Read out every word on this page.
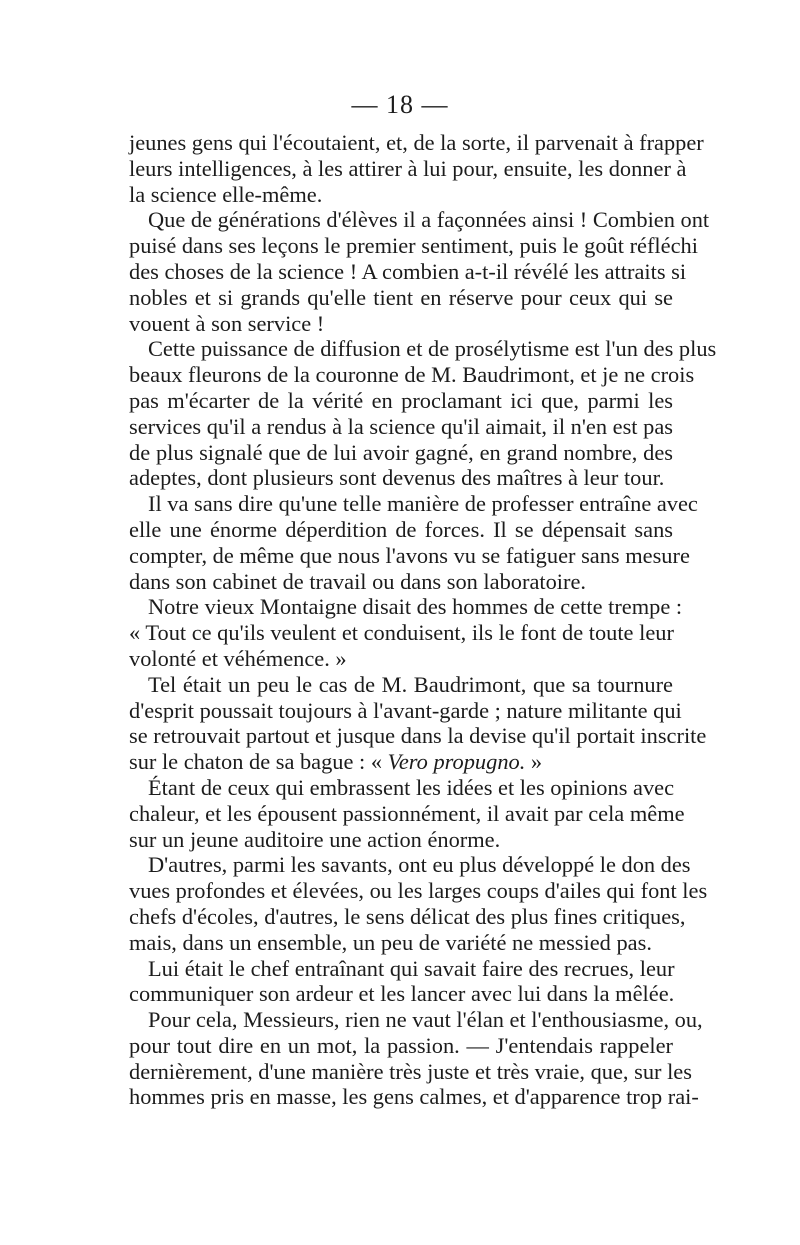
— 18 —
jeunes gens qui l'écoutaient, et, de la sorte, il parvenait à frapper
leurs intelligences, à les attirer à lui pour, ensuite, les donner à
la science elle-même.
Que de générations d'élèves il a façonnées ainsi ! Combien ont
puisé dans ses leçons le premier sentiment, puis le goût réfléchi
des choses de la science ! A combien a-t-il révélé les attraits si
nobles et si grands qu'elle tient en réserve pour ceux qui se
vouent à son service !
Cette puissance de diffusion et de prosélytisme est l'un des plus
beaux fleurons de la couronne de M. Baudrimont, et je ne crois
pas m'écarter de la vérité en proclamant ici que, parmi les
services qu'il a rendus à la science qu'il aimait, il n'en est pas
de plus signalé que de lui avoir gagné, en grand nombre, des
adeptes, dont plusieurs sont devenus des maîtres à leur tour.
Il va sans dire qu'une telle manière de professer entraîne avec
elle une énorme déperdition de forces. Il se dépensait sans
compter, de même que nous l'avons vu se fatiguer sans mesure
dans son cabinet de travail ou dans son laboratoire.
Notre vieux Montaigne disait des hommes de cette trempe :
« Tout ce qu'ils veulent et conduisent, ils le font de toute leur
volonté et véhémence. »
Tel était un peu le cas de M. Baudrimont, que sa tournure
d'esprit poussait toujours à l'avant-garde ; nature militante qui
se retrouvait partout et jusque dans la devise qu'il portait inscrite
sur le chaton de sa bague : « Vero propugno. »
Étant de ceux qui embrassent les idées et les opinions avec
chaleur, et les épousent passionnément, il avait par cela même
sur un jeune auditoire une action énorme.
D'autres, parmi les savants, ont eu plus développé le don des
vues profondes et élevées, ou les larges coups d'ailes qui font les
chefs d'écoles, d'autres, le sens délicat des plus fines critiques,
mais, dans un ensemble, un peu de variété ne messied pas.
Lui était le chef entraînant qui savait faire des recrues, leur
communiquer son ardeur et les lancer avec lui dans la mêlée.
Pour cela, Messieurs, rien ne vaut l'élan et l'enthousiasme, ou,
pour tout dire en un mot, la passion. — J'entendais rappeler
dernièrement, d'une manière très juste et très vraie, que, sur les
hommes pris en masse, les gens calmes, et d'apparence trop rai-
